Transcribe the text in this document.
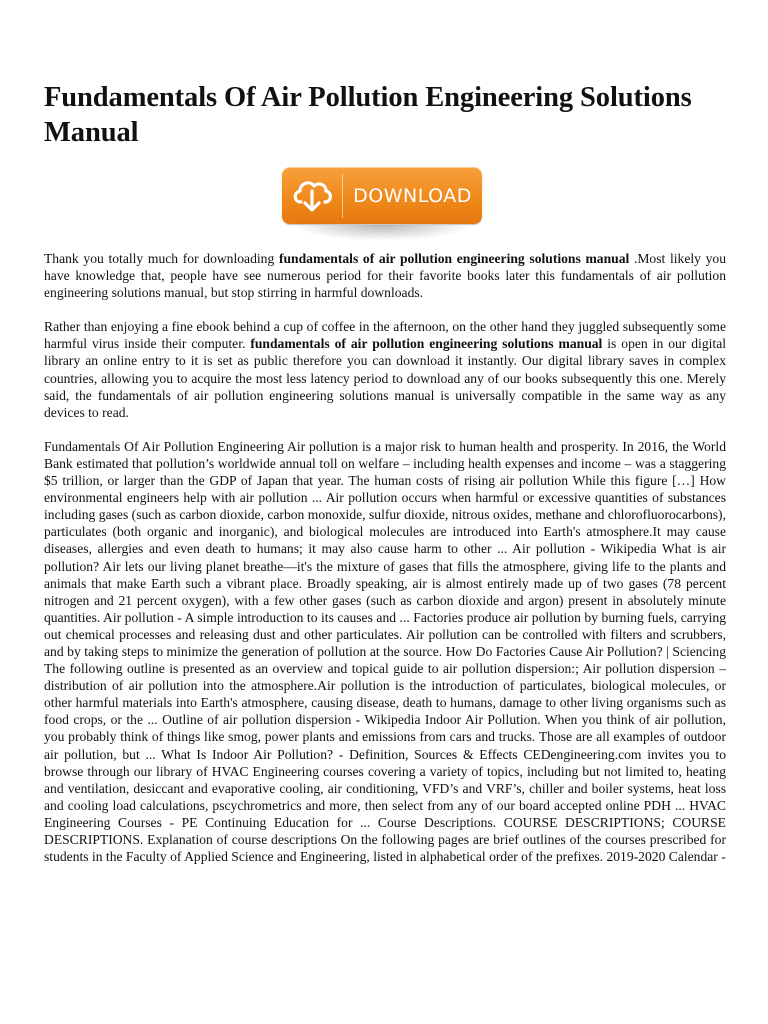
Fundamentals Of Air Pollution Engineering Solutions Manual
DOWNLOAD

Thank you totally much for downloading fundamentals of air pollution engineering solutions manual .Most likely you have knowledge that, people have see numerous period for their favorite books later this fundamentals of air pollution engineering solutions manual, but stop stirring in harmful downloads.

Rather than enjoying a fine ebook behind a cup of coffee in the afternoon, on the other hand they juggled subsequently some harmful virus inside their computer. fundamentals of air pollution engineering solutions manual is open in our digital library an online entry to it is set as public therefore you can download it instantly. Our digital library saves in complex countries, allowing you to acquire the most less latency period to download any of our books subsequently this one. Merely said, the fundamentals of air pollution engineering solutions manual is universally compatible in the same way as any devices to read.

Fundamentals Of Air Pollution Engineering Air pollution is a major risk to human health and prosperity. In 2016, the World Bank estimated that pollution’s worldwide annual toll on welfare – including health expenses and income – was a staggering $5 trillion, or larger than the GDP of Japan that year. The human costs of rising air pollution While this figure […] How environmental engineers help with air pollution ... Air pollution occurs when harmful or excessive quantities of substances including gases (such as carbon dioxide, carbon monoxide, sulfur dioxide, nitrous oxides, methane and chlorofluorocarbons), particulates (both organic and inorganic), and biological molecules are introduced into Earth's atmosphere.It may cause diseases, allergies and even death to humans; it may also cause harm to other ... Air pollution - Wikipedia What is air pollution? Air lets our living planet breathe—it's the mixture of gases that fills the atmosphere, giving life to the plants and animals that make Earth such a vibrant place. Broadly speaking, air is almost entirely made up of two gases (78 percent nitrogen and 21 percent oxygen), with a few other gases (such as carbon dioxide and argon) present in absolutely minute quantities. Air pollution - A simple introduction to its causes and ... Factories produce air pollution by burning fuels, carrying out chemical processes and releasing dust and other particulates. Air pollution can be controlled with filters and scrubbers, and by taking steps to minimize the generation of pollution at the source. How Do Factories Cause Air Pollution? | Sciencing The following outline is presented as an overview and topical guide to air pollution dispersion:; Air pollution dispersion – distribution of air pollution into the atmosphere.Air pollution is the introduction of particulates, biological molecules, or other harmful materials into Earth's atmosphere, causing disease, death to humans, damage to other living organisms such as food crops, or the ... Outline of air pollution dispersion - Wikipedia Indoor Air Pollution. When you think of air pollution, you probably think of things like smog, power plants and emissions from cars and trucks. Those are all examples of outdoor air pollution, but ... What Is Indoor Air Pollution? - Definition, Sources & Effects CEDengineering.com invites you to browse through our library of HVAC Engineering courses covering a variety of topics, including but not limited to, heating and ventilation, desiccant and evaporative cooling, air conditioning, VFD’s and VRF’s, chiller and boiler systems, heat loss and cooling load calculations, pscychrometrics and more, then select from any of our board accepted online PDH ... HVAC Engineering Courses - PE Continuing Education for ... Course Descriptions. COURSE DESCRIPTIONS; COURSE DESCRIPTIONS. Explanation of course descriptions On the following pages are brief outlines of the courses prescribed for students in the Faculty of Applied Science and Engineering, listed in alphabetical order of the prefixes. 2019-2020 Calendar -
